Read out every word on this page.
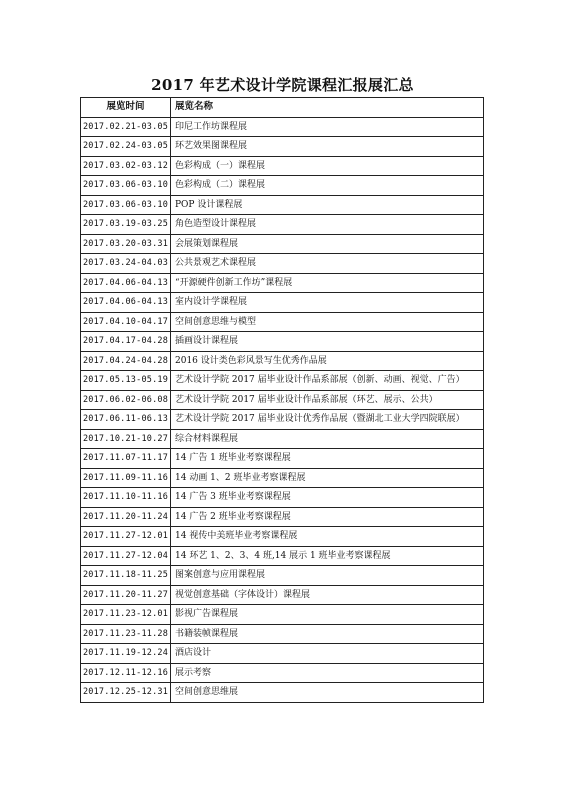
2017 年艺术设计学院课程汇报展汇总
展览时间	展览名称
2017.02.21-03.05	印尼工作坊课程展
2017.02.24-03.05	环艺效果图课程展
2017.03.02-03.12	色彩构成（一）课程展
2017.03.06-03.10	色彩构成（二）课程展
2017.03.06-03.10	POP 设计课程展
2017.03.19-03.25	角色造型设计课程展
2017.03.20-03.31	会展策划课程展
2017.03.24-04.03	公共景观艺术课程展
2017.04.06-04.13	“开源硬件创新工作坊”课程展
2017.04.06-04.13	室内设计学课程展
2017.04.10-04.17	空间创意思维与模型
2017.04.17-04.28	插画设计课程展
2017.04.24-04.28	2016 设计类色彩风景写生优秀作品展
2017.05.13-05.19	艺术设计学院 2017 届毕业设计作品系部展（创新、动画、视觉、广告）
2017.06.02-06.08	艺术设计学院 2017 届毕业设计作品系部展（环艺、展示、公共）
2017.06.11-06.13	艺术设计学院 2017 届毕业设计优秀作品展（暨湖北工业大学四院联展）
2017.10.21-10.27	综合材料课程展
2017.11.07-11.17	14 广告 1 班毕业考察课程展
2017.11.09-11.16	14 动画 1、2 班毕业考察课程展
2017.11.10-11.16	14 广告 3 班毕业考察课程展
2017.11.20-11.24	14 广告 2 班毕业考察课程展
2017.11.27-12.01	14 视传中美班毕业考察课程展
2017.11.27-12.04	14 环艺 1、2、3、4 班,14 展示 1 班毕业考察课程展
2017.11.18-11.25	图案创意与应用课程展
2017.11.20-11.27	视觉创意基础（字体设计）课程展
2017.11.23-12.01	影视广告课程展
2017.11.23-11.28	书籍装帧课程展
2017.11.19-12.24	酒店设计
2017.12.11-12.16	展示考察
2017.12.25-12.31	空间创意思维展
